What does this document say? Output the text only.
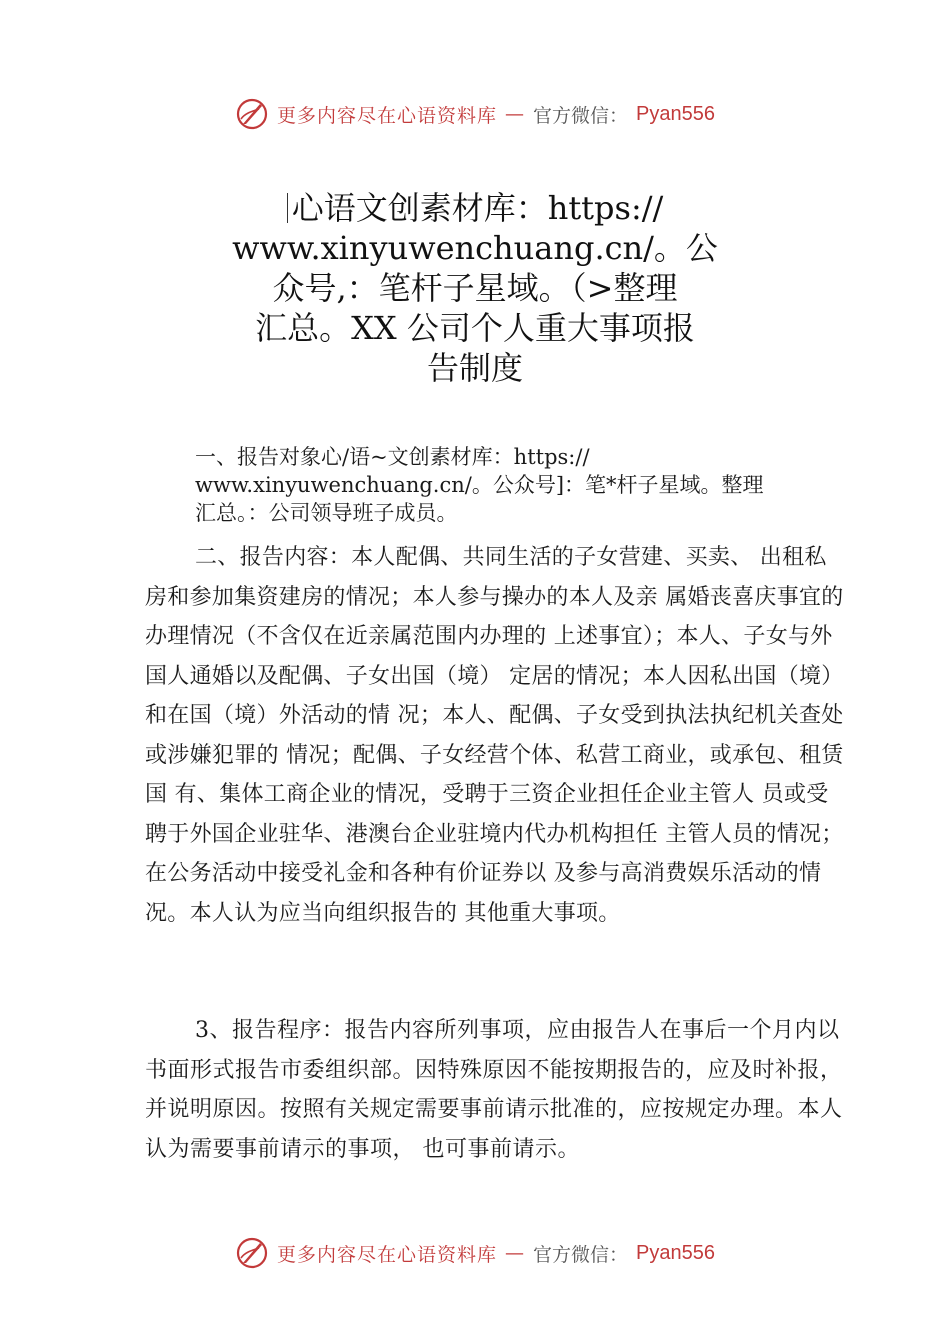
更多内容尽在心语资料库 — 官方微信： Pyan556
心语文创素材库：https://
www.xinyuwenchuang.cn/。公
众号,：笔杆子星域。（>整理
汇总。XX 公司个人重大事项报
告制度
一、报告对象心/语~文创素材库：https://
www.xinyuwenchuang.cn/。公众号]：笔*杆子星域。整理
汇总。：公司领导班子成员。
二、报告内容：本人配偶、共同生活的子女营建、买卖、 出租私房和参加集资建房的情况；本人参与操办的本人及亲 属婚丧喜庆事宜的办理情况（不含仅在近亲属范围内办理的 上述事宜）；本人、子女与外国人通婚以及配偶、子女出国（境） 定居的情况；本人因私出国（境）和在国（境）外活动的情 况；本人、配偶、子女受到执法执纪机关查处或涉嫌犯罪的 情况；配偶、子女经营个体、私营工商业，或承包、租赁国 有、集体工商企业的情况，受聘于三资企业担任企业主管人 员或受聘于外国企业驻华、港澳台企业驻境内代办机构担任 主管人员的情况；在公务活动中接受礼金和各种有价证券以 及参与高消费娱乐活动的情况。本人认为应当向组织报告的 其他重大事项。
3、报告程序：报告内容所列事项，应由报告人在事后一个月内以书面形式报告市委组织部。因特殊原因不能按期报告的，应及时补报，并说明原因。按照有关规定需要事前请示批准的，应按规定办理。本人认为需要事前请示的事项， 也可事前请示。
更多内容尽在心语资料库 — 官方微信： Pyan556
